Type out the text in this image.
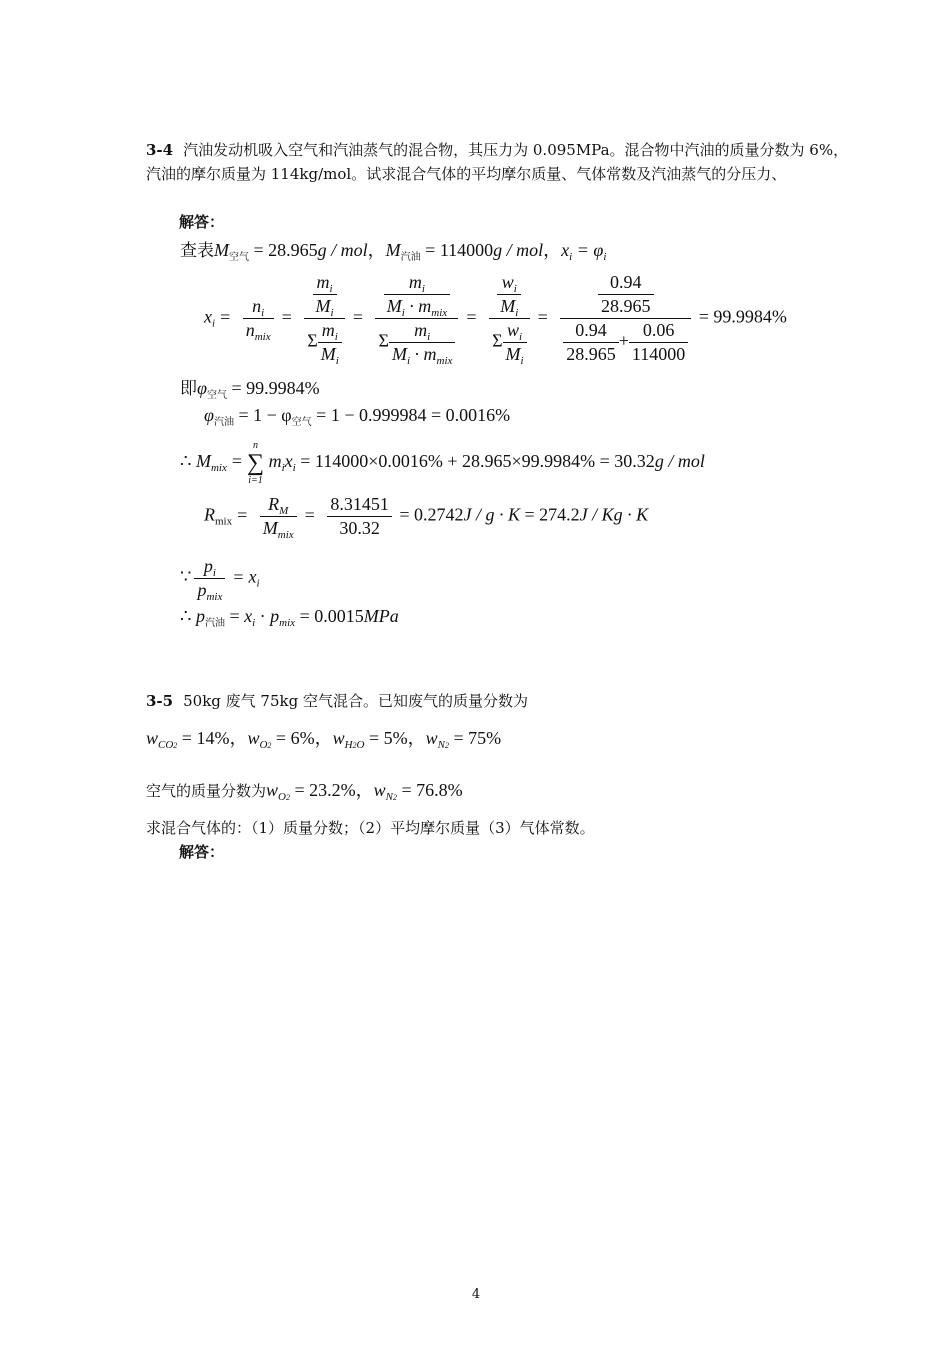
3-4 汽油发动机吸入空气和汽油蒸气的混合物，其压力为 0.095MPa。混合物中汽油的质量分数为 6%，汽油的摩尔质量为 114kg/mol。试求混合气体的平均摩尔质量、气体常数及汽油蒸气的分压力、

解答：
查表$M_{空气} = 28.965g$ / mol，$M_{汽油} = 114000g$ / mol，$x_i = \varphi_i$
$x_i = \frac{n_i}{n_{mix}} = \frac{\frac{m_i}{M_i}}{\Sigma \frac{m_i}{M_i}} = \frac{\frac{m_i}{M_i \cdot m_{mix}}}{\Sigma \frac{m_i}{M_i \cdot m_{mix}}} = \frac{\frac{w_i}{M_i}}{\Sigma \frac{w_i}{M_i}} = \frac{\frac{0.94}{28.965}}{\frac{0.94}{28.965} + \frac{0.06}{114000}} = 99.9984\%$
即$\varphi_{空气} = 99.9984\%$
$\varphi_{汽油} = 1 - \varphi_{空气} = 1 - 0.999984 = 0.0016\%$
∴ $M_{mix}$ =
n
∑
i=1
$m_ix_i = 114000\times 0.0016\% + 28.965\times 99.9984\% = 30.32g$ / mol
$R_{mix} = \frac{R_M}{M_{mix}} = \frac{8.31451}{30.32} = 0.2742J / g \cdot K = 274.2J / Kg \cdot K$
∵ $\frac{p_i}{p_{mix}} = x_i$
∴ $p_{汽油} = x_i \cdot p_{mix} = 0.0015MPa$

3-5 50kg 废气 75kg 空气混合。已知废气的质量分数为

$w_{CO2} = 14\%$，$w_{O2} = 6\%$，$w_{H2O} = 5\%$，$w_{N2} = 75\%$
空气的质量分数为$w_{O2} = 23.2\%$，$w_{N2} = 76.8\%$

求混合气体的：（1）质量分数；（2）平均摩尔质量（3）气体常数。

解答：
4
